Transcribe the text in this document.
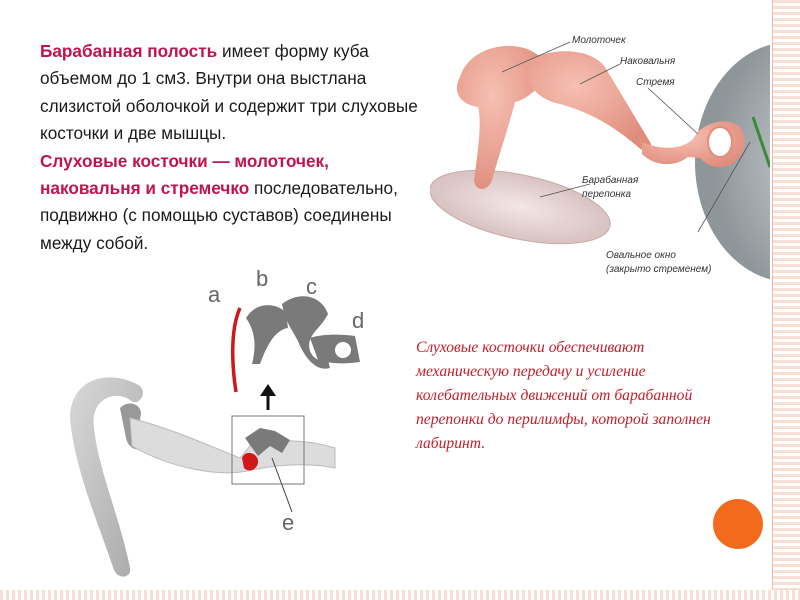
Барабанная полость имеет форму куба объемом до 1 см3. Внутри она выстлана слизистой оболочкой и содержит три слуховые косточки и две мышцы.
Слуховые косточки — молоточек, наковальня и стремечко последовательно, подвижно (с помощью суставов) соединены между собой.
Молоточек
Наковальня
Стремя
Барабанная
перепонка
Овальное окно
(закрыто стременем)
a
b c
d
e
Слуховые косточки обеспечивают механическую передачу и усиление колебательных движений от барабанной перепонки до перилимфы, которой заполнен лабиринт.
